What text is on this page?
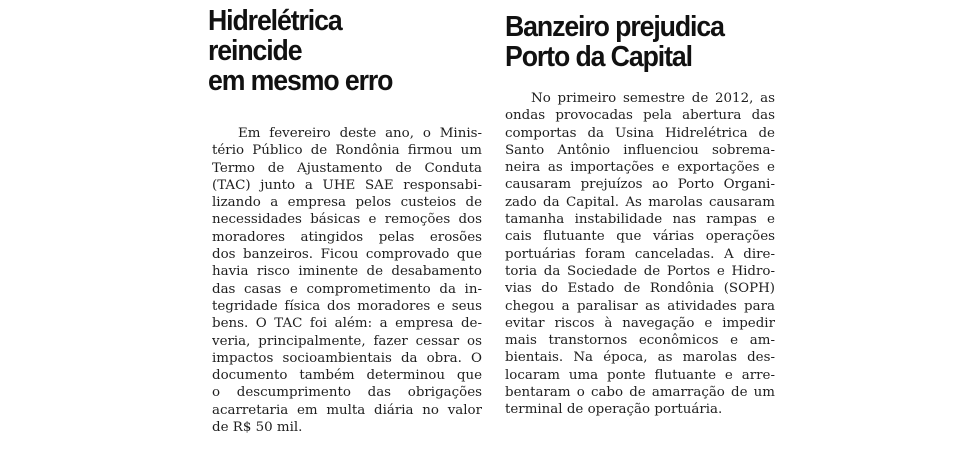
Hidrelétrica
reincide
em mesmo erro
Em fevereiro deste ano, o Minis-
tério Público de Rondônia firmou um
Termo de Ajustamento de Conduta
(TAC) junto a UHE SAE responsabi-
lizando a empresa pelos custeios de
necessidades básicas e remoções dos
moradores atingidos pelas erosões
dos banzeiros. Ficou comprovado que
havia risco iminente de desabamento
das casas e comprometimento da in-
tegridade física dos moradores e seus
bens. O TAC foi além: a empresa de-
veria, principalmente, fazer cessar os
impactos socioambientais da obra. O
documento também determinou que
o descumprimento das obrigações
acarretaria em multa diária no valor
de R$ 50 mil.
Banzeiro prejudica
Porto da Capital
No primeiro semestre de 2012, as
ondas provocadas pela abertura das
comportas da Usina Hidrelétrica de
Santo Antônio influenciou sobrema-
neira as importações e exportações e
causaram prejuízos ao Porto Organi-
zado da Capital. As marolas causaram
tamanha instabilidade nas rampas e
cais flutuante que várias operações
portuárias foram canceladas. A dire-
toria da Sociedade de Portos e Hidro-
vias do Estado de Rondônia (SOPH)
chegou a paralisar as atividades para
evitar riscos à navegação e impedir
mais transtornos econômicos e am-
bientais. Na época, as marolas des-
locaram uma ponte flutuante e arre-
bentaram o cabo de amarração de um
terminal de operação portuária.
